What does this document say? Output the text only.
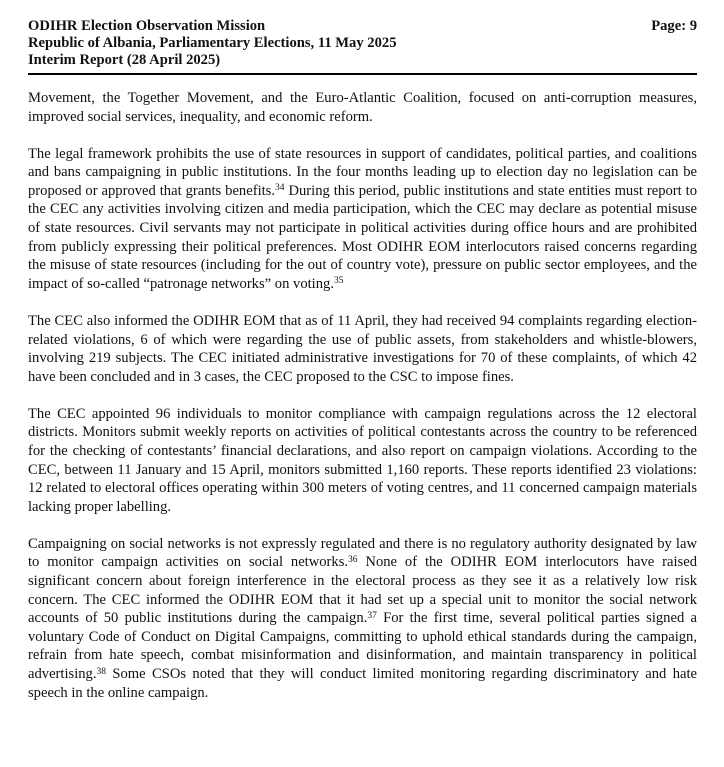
ODIHR Election Observation Mission
Republic of Albania, Parliamentary Elections, 11 May 2025
Interim Report (28 April 2025)
Page: 9

Movement, the Together Movement, and the Euro-Atlantic Coalition, focused on anti-corruption measures, improved social services, inequality, and economic reform.

The legal framework prohibits the use of state resources in support of candidates, political parties, and coalitions and bans campaigning in public institutions. In the four months leading up to election day no legislation can be proposed or approved that grants benefits.$^{34}$ During this period, public institutions and state entities must report to the CEC any activities involving citizen and media participation, which the CEC may declare as potential misuse of state resources. Civil servants may not participate in political activities during office hours and are prohibited from publicly expressing their political preferences. Most ODIHR EOM interlocutors raised concerns regarding the misuse of state resources (including for the out of country vote), pressure on public sector employees, and the impact of so-called “patronage networks” on voting.$^{35}$

The CEC also informed the ODIHR EOM that as of 11 April, they had received 94 complaints regarding election-related violations, 6 of which were regarding the use of public assets, from stakeholders and whistle-blowers, involving 219 subjects. The CEC initiated administrative investigations for 70 of these complaints, of which 42 have been concluded and in 3 cases, the CEC proposed to the CSC to impose fines.

The CEC appointed 96 individuals to monitor compliance with campaign regulations across the 12 electoral districts. Monitors submit weekly reports on activities of political contestants across the country to be referenced for the checking of contestants’ financial declarations, and also report on campaign violations. According to the CEC, between 11 January and 15 April, monitors submitted 1,160 reports. These reports identified 23 violations: 12 related to electoral offices operating within 300 meters of voting centres, and 11 concerned campaign materials lacking proper labelling.

Campaigning on social networks is not expressly regulated and there is no regulatory authority designated by law to monitor campaign activities on social networks.$^{36}$ None of the ODIHR EOM interlocutors have raised significant concern about foreign interference in the electoral process as they see it as a relatively low risk concern. The CEC informed the ODIHR EOM that it had set up a special unit to monitor the social network accounts of 50 public institutions during the campaign.$^{37}$ For the first time, several political parties signed a voluntary Code of Conduct on Digital Campaigns, committing to uphold ethical standards during the campaign, refrain from hate speech, combat misinformation and disinformation, and maintain transparency in political advertising.$^{38}$ Some CSOs noted that they will conduct limited monitoring regarding discriminatory and hate speech in the online campaign.
